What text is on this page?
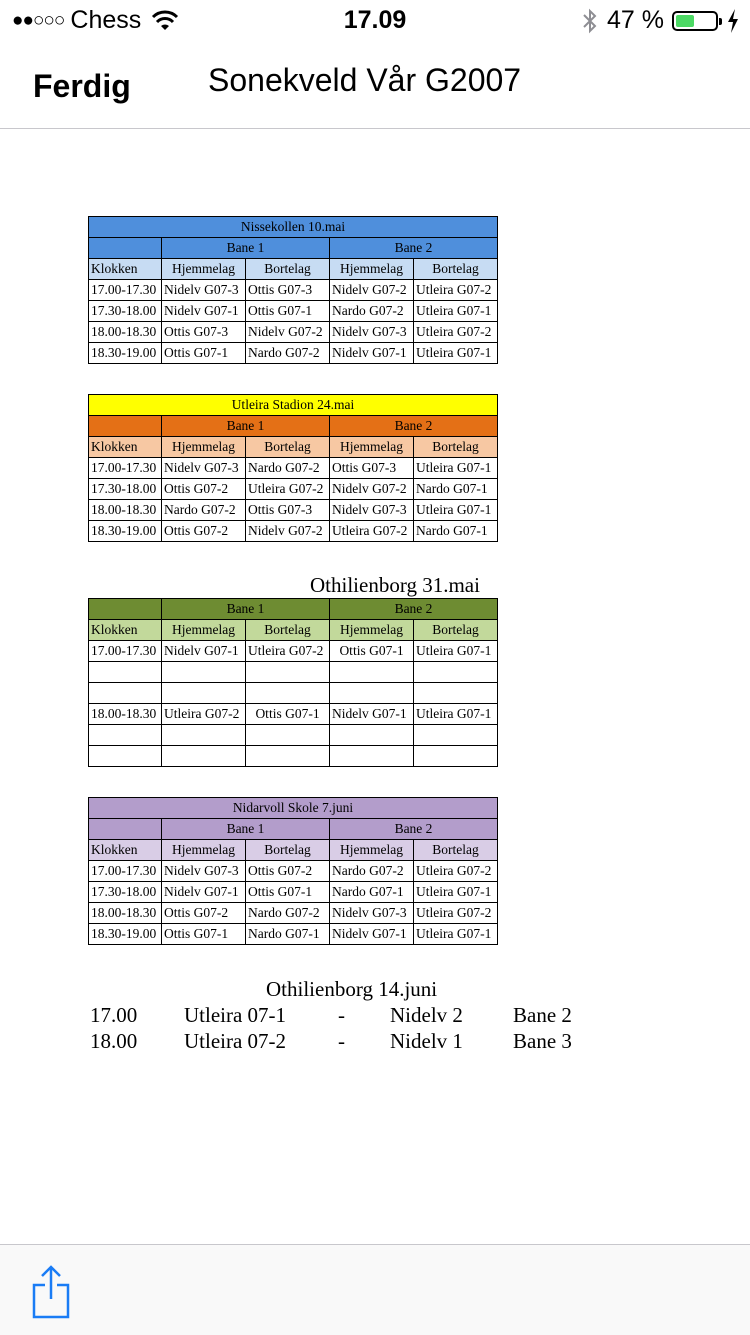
●●○○○ Chess	17.09	47 %
Ferdig Sonekveld Vår G2007
Nissekollen 10.mai				
	Bane 1		Bane 2	
Klokken	Hjemmelag	Bortelag	Hjemmelag	Bortelag
17.00-17.30	Nidelv G07-3	Ottis G07-3	Nidelv G07-2	Utleira G07-2
17.30-18.00	Nidelv G07-1	Ottis G07-1	Nardo G07-2	Utleira G07-1
18.00-18.30	Ottis G07-3	Nidelv G07-2	Nidelv G07-3	Utleira G07-2
18.30-19.00	Ottis G07-1	Nardo G07-2	Nidelv G07-1	Utleira G07-1
Utleira Stadion 24.mai				
	Bane 1		Bane 2	
Klokken	Hjemmelag	Bortelag	Hjemmelag	Bortelag
17.00-17.30	Nidelv G07-3	Nardo G07-2	Ottis G07-3	Utleira G07-1
17.30-18.00	Ottis G07-2	Utleira G07-2	Nidelv G07-2	Nardo G07-1
18.00-18.30	Nardo G07-2	Ottis G07-3	Nidelv G07-3	Utleira G07-1
18.30-19.00	Ottis G07-2	Nidelv G07-2	Utleira G07-2	Nardo G07-1
Othilienborg 31.mai
	Bane 1		Bane 2	
Klokken	Hjemmelag	Bortelag	Hjemmelag	Bortelag
17.00-17.30	Nidelv G07-1	Utleira G07-2	Ottis G07-1	Utleira G07-1

18.00-18.30	Utleira G07-2	Ottis G07-1	Nidelv G07-1	Utleira G07-1

Nidarvoll Skole 7.juni				
	Bane 1		Bane 2	
Klokken	Hjemmelag	Bortelag	Hjemmelag	Bortelag
17.00-17.30	Nidelv G07-3	Ottis G07-2	Nardo G07-2	Utleira G07-2
17.30-18.00	Nidelv G07-1	Ottis G07-1	Nardo G07-1	Utleira G07-1
18.00-18.30	Ottis G07-2	Nardo G07-2	Nidelv G07-3	Utleira G07-2
18.30-19.00	Ottis G07-1	Nardo G07-1	Nidelv G07-1	Utleira G07-1
Othilienborg 14.juni
17.00 Utleira 07-1 - Nidelv 2 Bane 2
18.00 Utleira 07-2 - Nidelv 1 Bane 3
